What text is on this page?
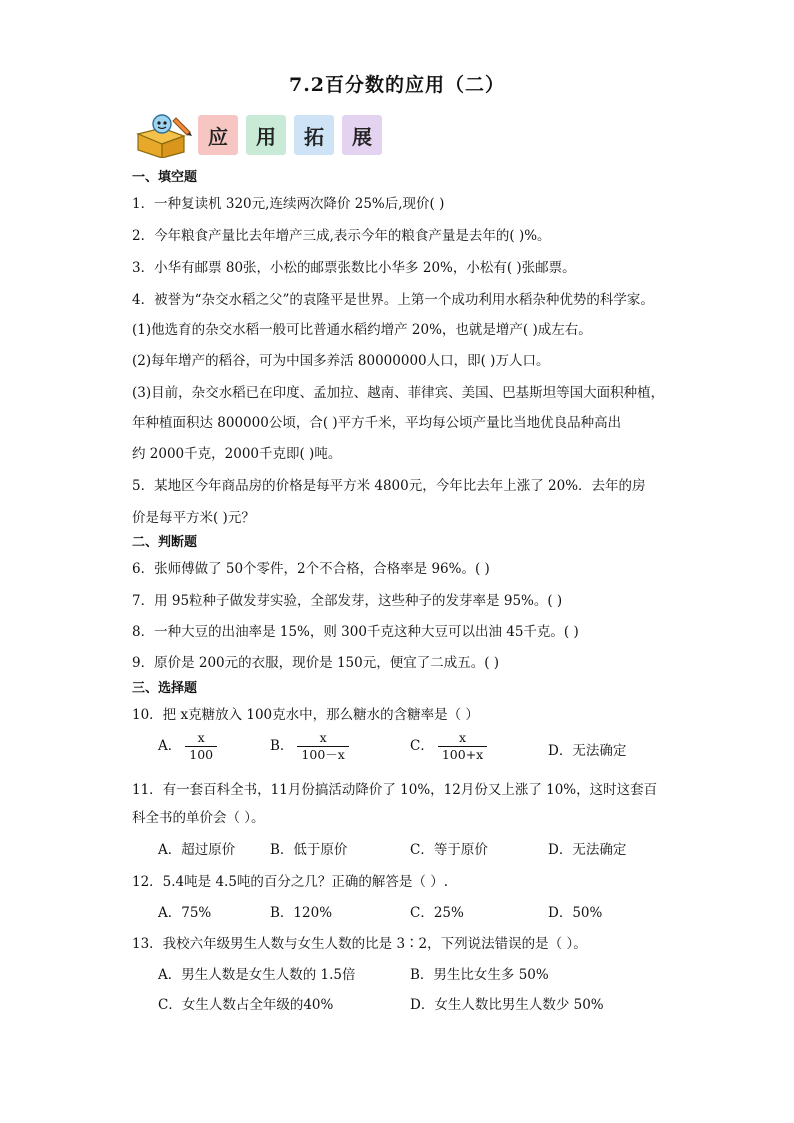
7.2百分数的应用（二）
应	用	拓	展
一、填空题
1．一种复读机 320元,连续两次降价 25%后,现价( )
2．今年粮食产量比去年增产三成,表示今年的粮食产量是去年的( )%。
3．小华有邮票 80张，小松的邮票张数比小华多 20%，小松有( )张邮票。
4．被誉为“杂交水稻之父”的袁隆平是世界。上第一个成功利用水稻杂种优势的科学家。
(1)他选育的杂交水稻一般可比普通水稻约增产 20%，也就是增产( )成左右。
(2)每年增产的稻谷，可为中国多养活 80000000人口，即( )万人口。
(3)目前，杂交水稻已在印度、孟加拉、越南、菲律宾、美国、巴基斯坦等国大面积种植，
年种植面积达 800000公顷，合( )平方千米，平均每公顷产量比当地优良品种高出
约 2000千克，2000千克即( )吨。
5．某地区今年商品房的价格是每平方米 4800元，今年比去年上涨了 20%．去年的房
价是每平方米( )元？
二、判断题
6．张师傅做了 50个零件，2个不合格，合格率是 96%。( )
7．用 95粒种子做发芽实验，全部发芽，这些种子的发芽率是 95%。( )
8．一种大豆的出油率是 15%，则 300千克这种大豆可以出油 45千克。( )
9．原价是 200元的衣服，现价是 150元，便宜了二成五。( )
三、选择题
10．把 x克糖放入 100克水中，那么糖水的含糖率是（ ）
A． $\frac{x}{100}$	B． $\frac{x}{100-x}$	C． $\frac{x}{100+x}$	D．无法确定
11．有一套百科全书，11月份搞活动降价了 10%，12月份又上涨了 10%，这时这套百
科全书的单价会（ ）。
A．超过原价	B．低于原价	C．等于原价	D．无法确定
12．5.4吨是 4.5吨的百分之几？正确的解答是（ ）.
A．75%	B．120%	C．25%	D．50%
13．我校六年级男生人数与女生人数的比是 3∶2，下列说法错误的是（ ）。
A．男生人数是女生人数的 1.5倍	B．男生比女生多 50%
C．女生人数占全年级的40%	D．女生人数比男生人数少 50%
